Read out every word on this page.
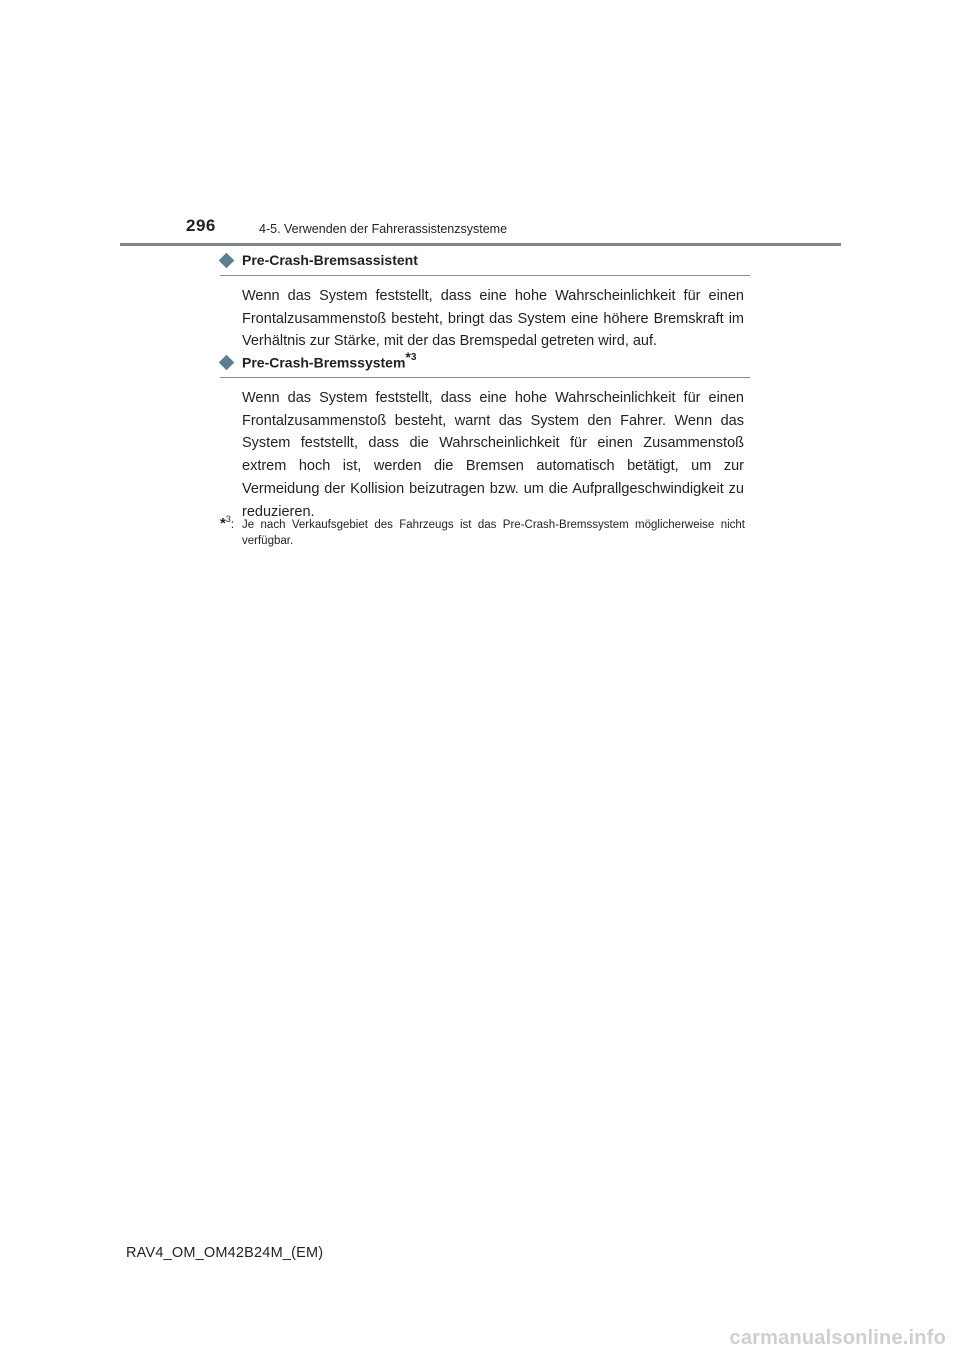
296	4-5. Verwenden der Fahrerassistenzsysteme
Pre-Crash-Bremsassistent
Wenn das System feststellt, dass eine hohe Wahrscheinlichkeit für einen Frontalzusammenstoß besteht, bringt das System eine höhere Bremskraft im Verhältnis zur Stärke, mit der das Bremspedal getreten wird, auf.
Pre-Crash-Bremssystem*$^3$
Wenn das System feststellt, dass eine hohe Wahrscheinlichkeit für einen Frontalzusammenstoß besteht, warnt das System den Fahrer. Wenn das System feststellt, dass die Wahrscheinlichkeit für einen Zusammenstoß extrem hoch ist, werden die Bremsen automatisch betätigt, um zur Vermeidung der Kollision beizutragen bzw. um die Aufprallgeschwindigkeit zu reduzieren.
*$^3$: Je nach Verkaufsgebiet des Fahrzeugs ist das Pre-Crash-Bremssystem möglicherweise nicht verfügbar.
RAV4_OM_OM42B24M_(EM)
carmanualsonline.info
